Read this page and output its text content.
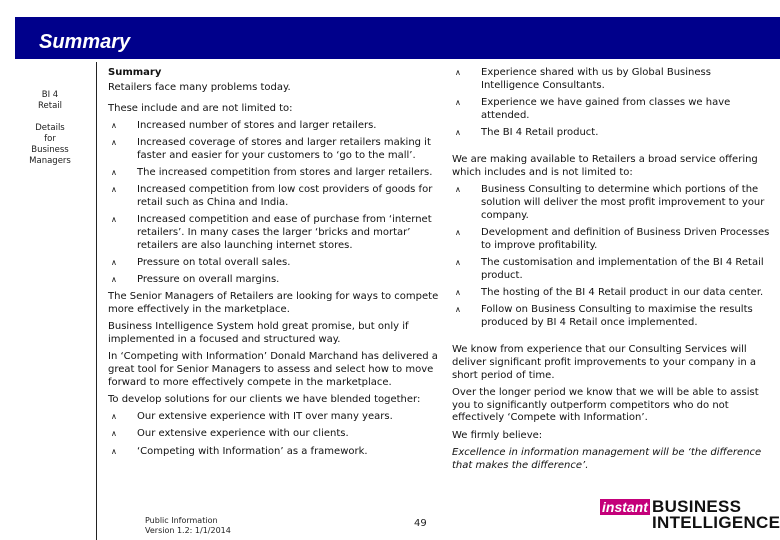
Summary
BI 4
Retail
Details
for
Business
Managers
Summary
Retailers face many problems today.
These include and are not limited to:
∧
Increased number of stores and larger retailers.
∧
Increased coverage of stores and larger retailers making it faster and easier for your customers to ‘go to the mall’.
∧
The increased competition from stores and larger retailers.
∧
Increased competition from low cost providers of goods for retail such as China and India.
∧
Increased competition and ease of purchase from ‘internet retailers’. In many cases the larger ‘bricks and mortar’ retailers are also launching internet stores.
∧
Pressure on total overall sales.
∧
Pressure on overall margins.
The Senior Managers of Retailers are looking for ways to compete more effectively in the marketplace.
Business Intelligence System hold great promise, but only if implemented in a focused and structured way.
In ‘Competing with Information’ Donald Marchand has delivered a great tool for Senior Managers to assess and select how to move forward to more effectively compete in the marketplace.
To develop solutions for our clients we have blended together:
∧
Our extensive experience with IT over many years.
∧
Our extensive experience with our clients.
∧
‘Competing with Information’ as a framework.
∧
Experience shared with us by Global Business Intelligence Consultants.
∧
Experience we have gained from classes we have attended.
∧
The BI 4 Retail product.
We are making available to Retailers a broad service offering which includes and is not limited to:
∧
Business Consulting to determine which portions of the solution will deliver the most profit improvement to your company.
∧
Development and definition of Business Driven Processes to improve profitability.
∧
The customisation and implementation of the BI 4 Retail product.
∧
The hosting of the BI 4 Retail product in our data center.
∧
Follow on Business Consulting to maximise the results produced by BI 4 Retail once implemented.
We know from experience that our Consulting Services will deliver significant profit improvements to your company in a short period of time.
Over the longer period we know that we will be able to assist you to significantly outperform competitors who do not effectively ‘Compete with Information’.
We firmly believe:
Excellence in information management will be ‘the difference that makes the difference’.
Public Information
Version 1.2: 1/1/2014
49
instant BUSINESS
INTELLIGENCE
